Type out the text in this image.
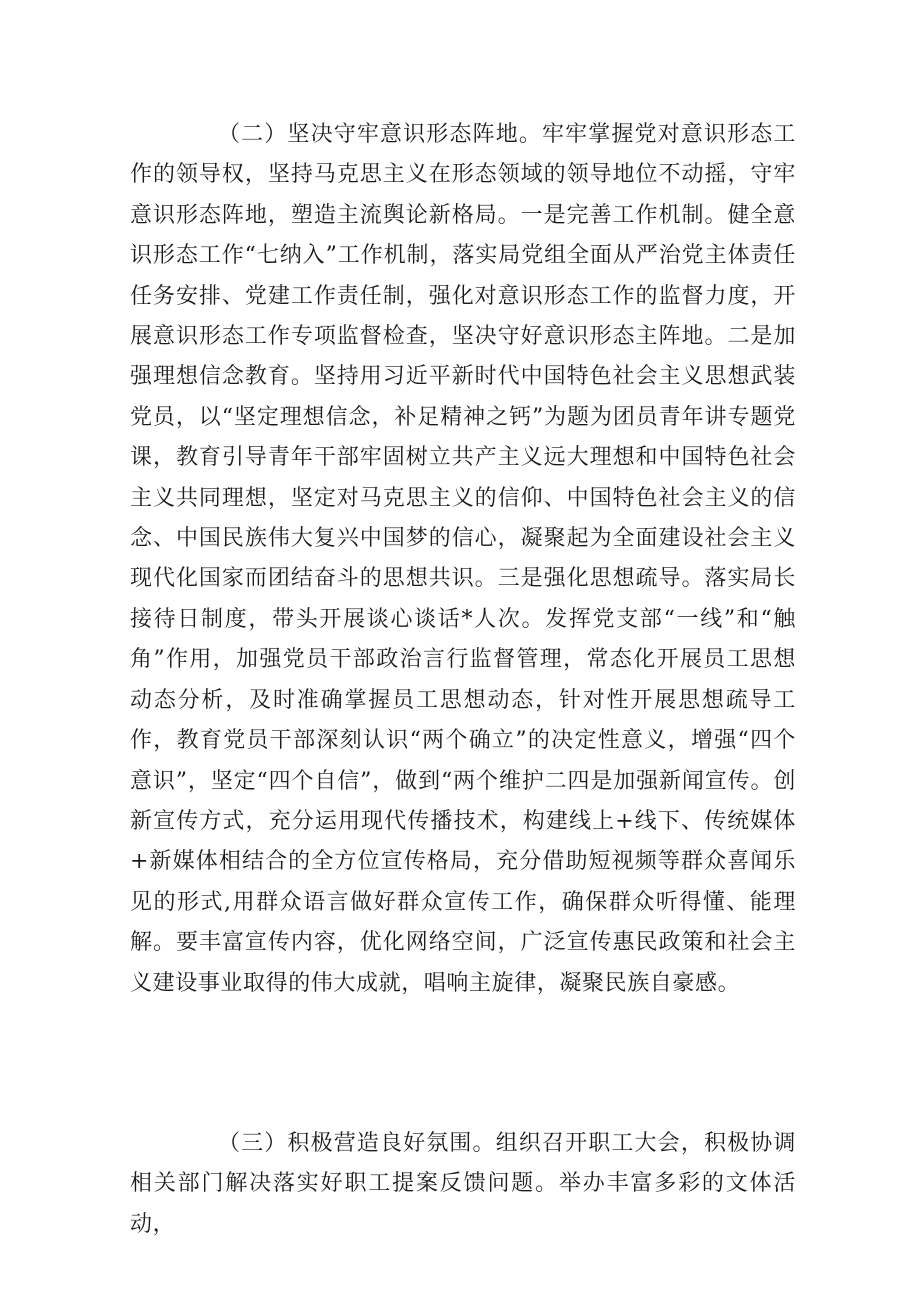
（二）坚决守牢意识形态阵地。牢牢掌握党对意识形态工作的领导权，坚持马克思主义在形态领域的领导地位不动摇，守牢意识形态阵地，塑造主流舆论新格局。一是完善工作机制。健全意识形态工作“七纳入”工作机制，落实局党组全面从严治党主体责任任务安排、党建工作责任制，强化对意识形态工作的监督力度，开展意识形态工作专项监督检查，坚决守好意识形态主阵地。二是加强理想信念教育。坚持用习近平新时代中国特色社会主义思想武装党员，以“坚定理想信念，补足精神之钙”为题为团员青年讲专题党课，教育引导青年干部牢固树立共产主义远大理想和中国特色社会主义共同理想，坚定对马克思主义的信仰、中国特色社会主义的信念、中国民族伟大复兴中国梦的信心，凝聚起为全面建设社会主义现代化国家而团结奋斗的思想共识。三是强化思想疏导。落实局长接待日制度，带头开展谈心谈话*人次。发挥党支部“一线”和“触角”作用，加强党员干部政治言行监督管理，常态化开展员工思想动态分析，及时准确掌握员工思想动态，针对性开展思想疏导工作，教育党员干部深刻认识“两个确立”的决定性意义，增强“四个意识”，坚定“四个自信”，做到“两个维护二四是加强新闻宣传。创新宣传方式，充分运用现代传播技术，构建线上+线下、传统媒体+新媒体相结合的全方位宣传格局，充分借助短视频等群众喜闻乐见的形式,用群众语言做好群众宣传工作，确保群众听得懂、能理解。要丰富宣传内容，优化网络空间，广泛宣传惠民政策和社会主义建设事业取得的伟大成就，唱响主旋律，凝聚民族自豪感。

（三）积极营造良好氛围。组织召开职工大会，积极协调相关部门解决落实好职工提案反馈问题。举办丰富多彩的文体活动，
